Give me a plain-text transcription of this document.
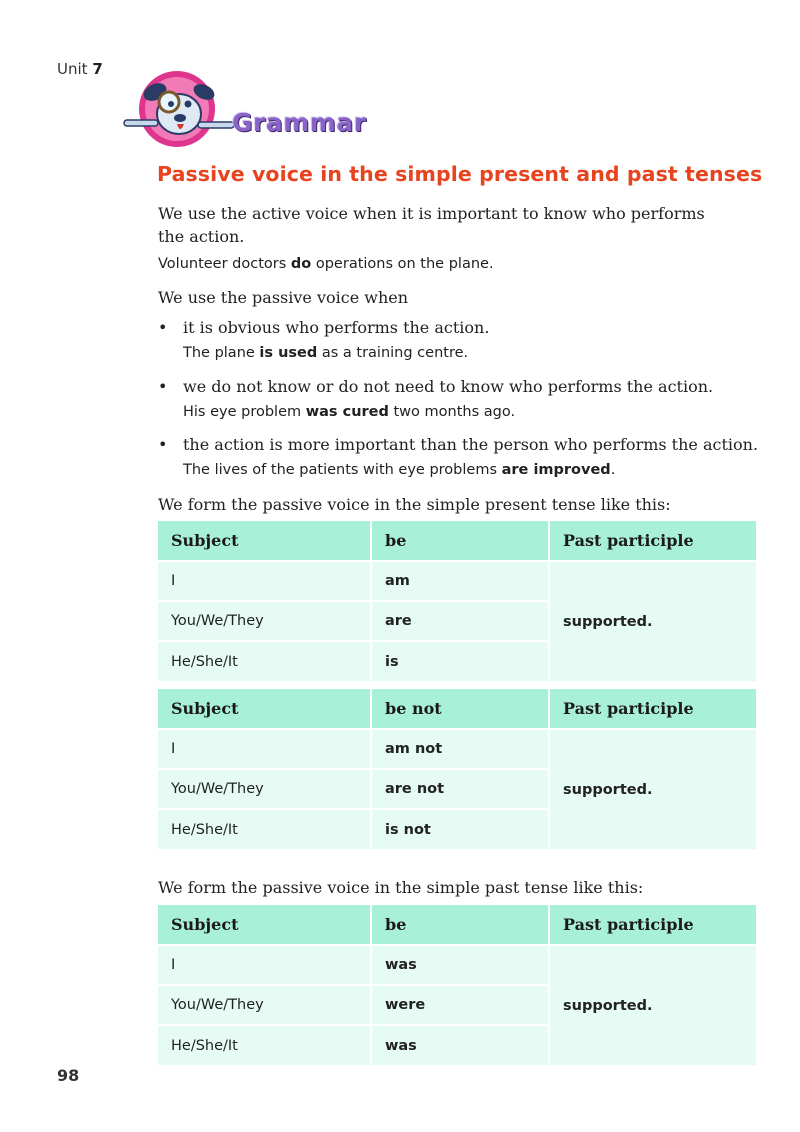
Unit 7
Grammar
Passive voice in the simple present and past tenses
We use the active voice when it is important to know who performs
the action.
Volunteer doctors do operations on the plane.
We use the passive voice when
• it is obvious who performs the action.
The plane is used as a training centre.
• we do not know or do not need to know who performs the action.
His eye problem was cured two months ago.
• the action is more important than the person who performs the action.
The lives of the patients with eye problems are improved.
We form the passive voice in the simple present tense like this:
Subject	be	Past participle
I	am	supported.
You/We/They	are	
He/She/It	is	
Subject	be not	Past participle
I	am not	supported.
You/We/They	are not	
He/She/It	is not	
We form the passive voice in the simple past tense like this:
Subject	be	Past participle
I	was	supported.
You/We/They	were	
He/She/It	was	
98
